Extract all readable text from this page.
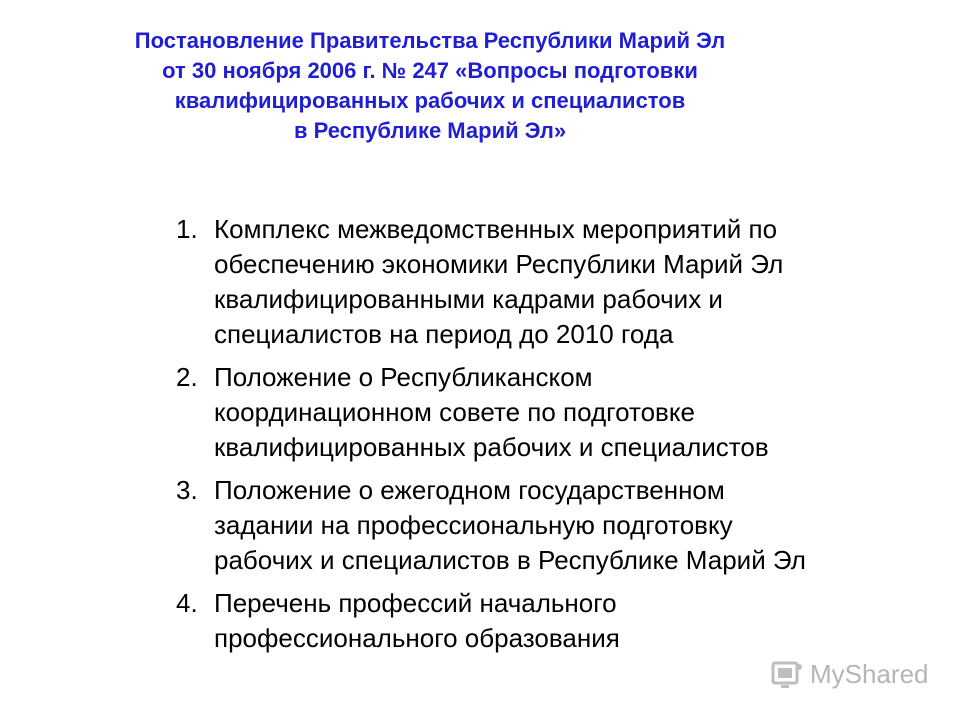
Постановление Правительства Республики Марий Эл
от 30 ноября 2006 г. № 247 «Вопросы подготовки
квалифицированных рабочих и специалистов
в Республике Марий Эл»
1. Комплекс межведомственных мероприятий по
обеспечению экономики Республики Марий Эл
квалифицированными кадрами рабочих и
специалистов на период до 2010 года
2. Положение о Республиканском
координационном совете по подготовке
квалифицированных рабочих и специалистов
3. Положение о ежегодном государственном
задании на профессиональную подготовку
рабочих и специалистов в Республике Марий Эл
4. Перечень профессий начального
профессионального образования
MyShared
